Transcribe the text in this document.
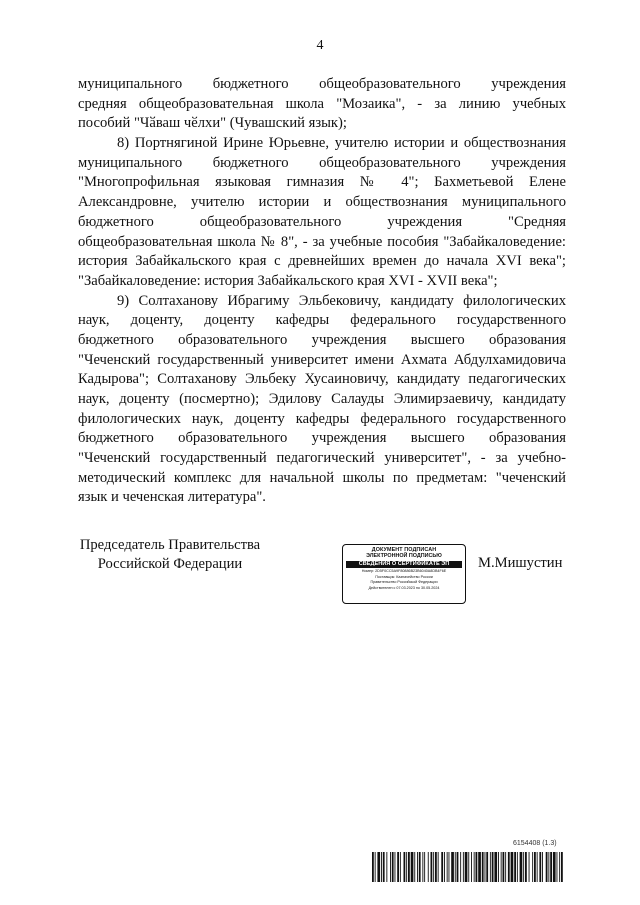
4
муниципального бюджетного общеобразовательного учреждения
средняя общеобразовательная школа "Мозаика", - за линию учебных
пособий "Чӑваш чӗлхи" (Чувашский язык);
8) Портнягиной Ирине Юрьевне, учителю истории и обществознания
муниципального бюджетного общеобразовательного учреждения
"Многопрофильная языковая гимназия № 4"; Бахметьевой Елене
Александровне, учителю истории и обществознания муниципального
бюджетного общеобразовательного учреждения "Средняя
общеобразовательная школа № 8", - за учебные пособия "Забайкаловедение:
история Забайкальского края с древнейших времен до начала XVI века";
"Забайкаловедение: история Забайкальского края XVI - XVII века";
9) Солтаханову Ибрагиму Эльбековичу, кандидату филологических
наук, доценту, доценту кафедры федерального государственного
бюджетного образовательного учреждения высшего образования
"Чеченский государственный университет имени Ахмата Абдулхамидовича
Кадырова"; Солтаханову Эльбеку Хусаиновичу, кандидату педагогических
наук, доценту (посмертно); Эдилову Салауды Элимирзаевичу, кандидату
филологических наук, доценту кафедры федерального государственного
бюджетного образовательного учреждения высшего образования
"Чеченский государственный педагогический университет", - за учебно-
методический комплекс для начальной школы по предметам: "чеченский
язык и чеченская литература".
Председатель Правительства
Российской Федерации
ДОКУМЕНТ ПОДПИСАН
ЭЛЕКТРОННОЙ ПОДПИСЬЮ
СВЕДЕНИЯ О СЕРТИФИКАТЕ ЭП
Номер: 2D5F0CC5A9F80886B23B6040A8DB4F6E
Поставщик: Казначейство России
Правительство Российской Федерации
Действителен с 07.03.2023 по 30.05.2024
М.Мишустин
6154408 (1.3)
